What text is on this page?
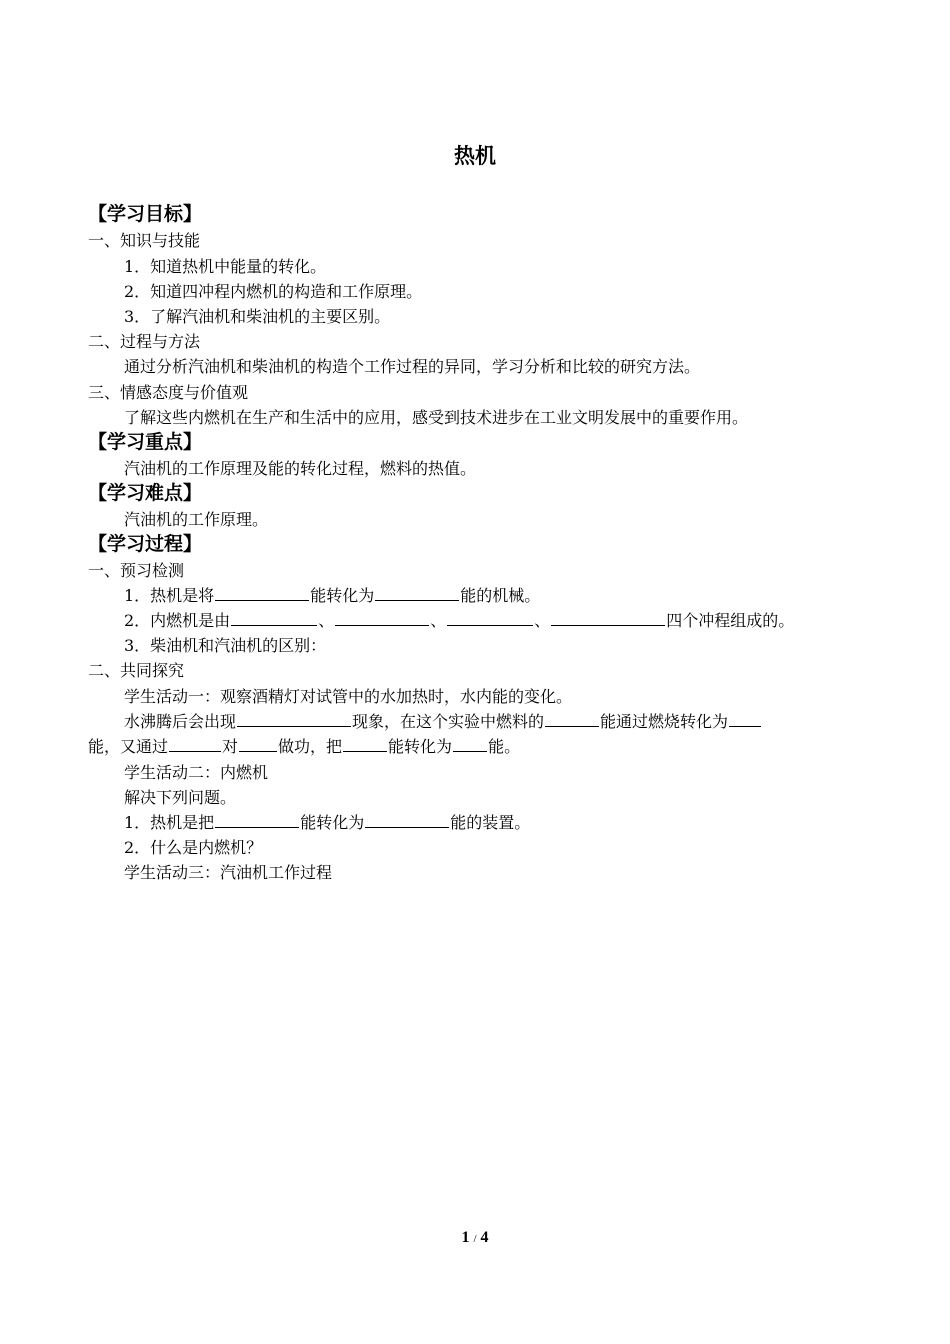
热机
【学习目标】
一、知识与技能
1．知道热机中能量的转化。
2．知道四冲程内燃机的构造和工作原理。
3．了解汽油机和柴油机的主要区别。
二、过程与方法
通过分析汽油机和柴油机的构造个工作过程的异同，学习分析和比较的研究方法。
三、情感态度与价值观
了解这些内燃机在生产和生活中的应用，感受到技术进步在工业文明发展中的重要作用。
【学习重点】
汽油机的工作原理及能的转化过程，燃料的热值。
【学习难点】
汽油机的工作原理。
【学习过程】
一、预习检测
1．热机是将	能转化为	能的机械。
2．内燃机是由	、	、	、	四个冲程组成的。
3．柴油机和汽油机的区别：
二、共同探究
学生活动一：观察酒精灯对试管中的水加热时，水内能的变化。
水沸腾后会出现	现象，在这个实验中燃料的	能通过燃烧转化为
能，又通过	对	做功，把	能转化为 能。
学生活动二：内燃机
解决下列问题。
1．热机是把	能转化为	能的装置。
2．什么是内燃机？
学生活动三：汽油机工作过程
1 / 4
